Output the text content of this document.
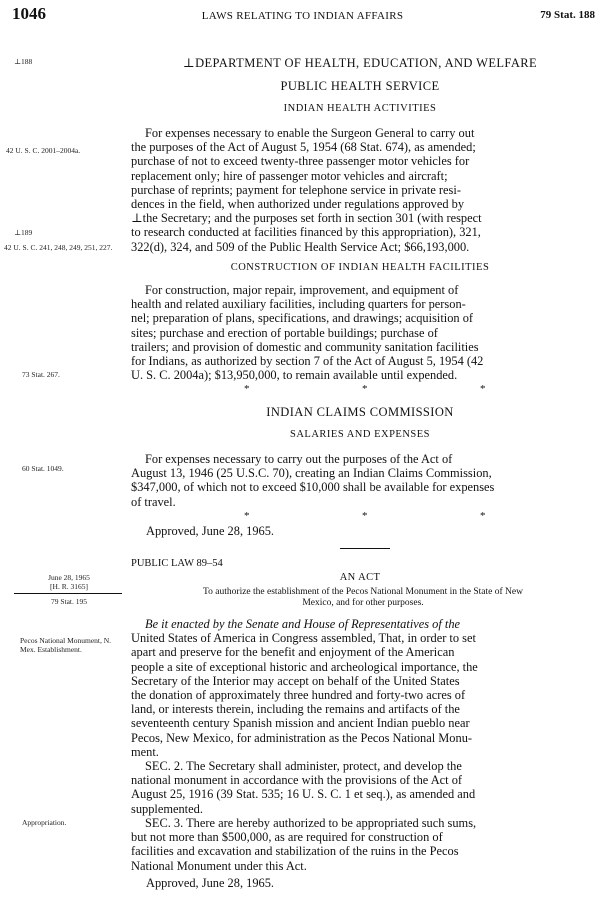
1046	LAWS RELATING TO INDIAN AFFAIRS	79 Stat. 188
⊥188
42 U. S. C. 2001–2004a.
⊥189
42 U. S. C. 241, 248, 249, 251, 227.
73 Stat. 267.
60 Stat. 1049.
June 28, 1965
[H. R. 3165]
79 Stat. 195
Pecos National Monument, N. Mex. Establishment.
Appropriation.
⊥DEPARTMENT OF HEALTH, EDUCATION, AND WELFARE
PUBLIC HEALTH SERVICE
INDIAN HEALTH ACTIVITIES
For expenses necessary to enable the Surgeon General to carry out
the purposes of the Act of August 5, 1954 (68 Stat. 674), as amended;
purchase of not to exceed twenty-three passenger motor vehicles for
replacement only; hire of passenger motor vehicles and aircraft;
purchase of reprints; payment for telephone service in private resi-
dences in the field, when authorized under regulations approved by
⊥the Secretary; and the purposes set forth in section 301 (with respect
to research conducted at facilities financed by this appropriation), 321,
322(d), 324, and 509 of the Public Health Service Act; $66,193,000.
CONSTRUCTION OF INDIAN HEALTH FACILITIES
For construction, major repair, improvement, and equipment of
health and related auxiliary facilities, including quarters for person-
nel; preparation of plans, specifications, and drawings; acquisition of
sites; purchase and erection of portable buildings; purchase of
trailers; and provision of domestic and community sanitation facilities
for Indians, as authorized by section 7 of the Act of August 5, 1954 (42
U. S. C. 2004a); $13,950,000, to remain available until expended.
*	*	*
INDIAN CLAIMS COMMISSION
SALARIES AND EXPENSES
For expenses necessary to carry out the purposes of the Act of
August 13, 1946 (25 U.S.C. 70), creating an Indian Claims Commission,
$347,000, of which not to exceed $10,000 shall be available for expenses
of travel.
*	*	*
Approved, June 28, 1965.
PUBLIC LAW 89–54
AN ACT
To authorize the establishment of the Pecos National Monument in the State of New
Mexico, and for other purposes.
Be it enacted by the Senate and House of Representatives of the
United States of America in Congress assembled, That, in order to set
apart and preserve for the benefit and enjoyment of the American
people a site of exceptional historic and archeological importance, the
Secretary of the Interior may accept on behalf of the United States
the donation of approximately three hundred and forty-two acres of
land, or interests therein, including the remains and artifacts of the
seventeenth century Spanish mission and ancient Indian pueblo near
Pecos, New Mexico, for administration as the Pecos National Monu-
ment.
SEC. 2. The Secretary shall administer, protect, and develop the
national monument in accordance with the provisions of the Act of
August 25, 1916 (39 Stat. 535; 16 U. S. C. 1 et seq.), as amended and
supplemented.
SEC. 3. There are hereby authorized to be appropriated such sums,
but not more than $500,000, as are required for construction of
facilities and excavation and stabilization of the ruins in the Pecos
National Monument under this Act.
Approved, June 28, 1965.
